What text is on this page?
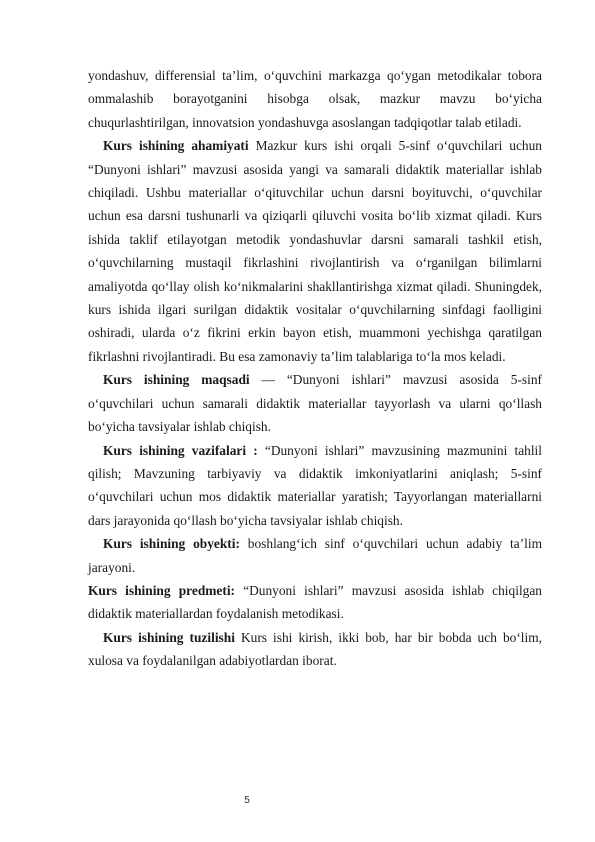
yondashuv, differensial ta’lim, o‘quvchini markazga qo‘ygan metodikalar tobora ommalashib borayotganini hisobga olsak, mazkur mavzu bo‘yicha chuqurlashtirilgan, innovatsion yondashuvga asoslangan tadqiqotlar talab etiladi.

Kurs ishining ahamiyati Mazkur kurs ishi orqali 5-sinf o‘quvchilari uchun “Dunyoni ishlari” mavzusi asosida yangi va samarali didaktik materiallar ishlab chiqiladi. Ushbu materiallar o‘qituvchilar uchun darsni boyituvchi, o‘quvchilar uchun esa darsni tushunarli va qiziqarli qiluvchi vosita bo‘lib xizmat qiladi. Kurs ishida taklif etilayotgan metodik yondashuvlar darsni samarali tashkil etish, o‘quvchilarning mustaqil fikrlashini rivojlantirish va o‘rganilgan bilimlarni amaliyotda qo‘llay olish ko‘nikmalarini shakllantirishga xizmat qiladi. Shuningdek, kurs ishida ilgari surilgan didaktik vositalar o‘quvchilarning sinfdagi faolligini oshiradi, ularda o‘z fikrini erkin bayon etish, muammoni yechishga qaratilgan fikrlashni rivojlantiradi. Bu esa zamonaviy ta’lim talablariga to‘la mos keladi.

Kurs ishining maqsadi — “Dunyoni ishlari” mavzusi asosida 5-sinf o‘quvchilari uchun samarali didaktik materiallar tayyorlash va ularni qo‘llash bo‘yicha tavsiyalar ishlab chiqish.

Kurs ishining vazifalari : “Dunyoni ishlari” mavzusining mazmunini tahlil qilish; Mavzuning tarbiyaviy va didaktik imkoniyatlarini aniqlash; 5-sinf o‘quvchilari uchun mos didaktik materiallar yaratish; Tayyorlangan materiallarni dars jarayonida qo‘llash bo‘yicha tavsiyalar ishlab chiqish.

Kurs ishining obyekti: boshlang‘ich sinf o‘quvchilari uchun adabiy ta’lim jarayoni.

Kurs ishining predmeti: “Dunyoni ishlari” mavzusi asosida ishlab chiqilgan didaktik materiallardan foydalanish metodikasi.

Kurs ishining tuzilishi Kurs ishi kirish, ikki bob, har bir bobda uch bo‘lim, xulosa va foydalanilgan adabiyotlardan iborat.

5
